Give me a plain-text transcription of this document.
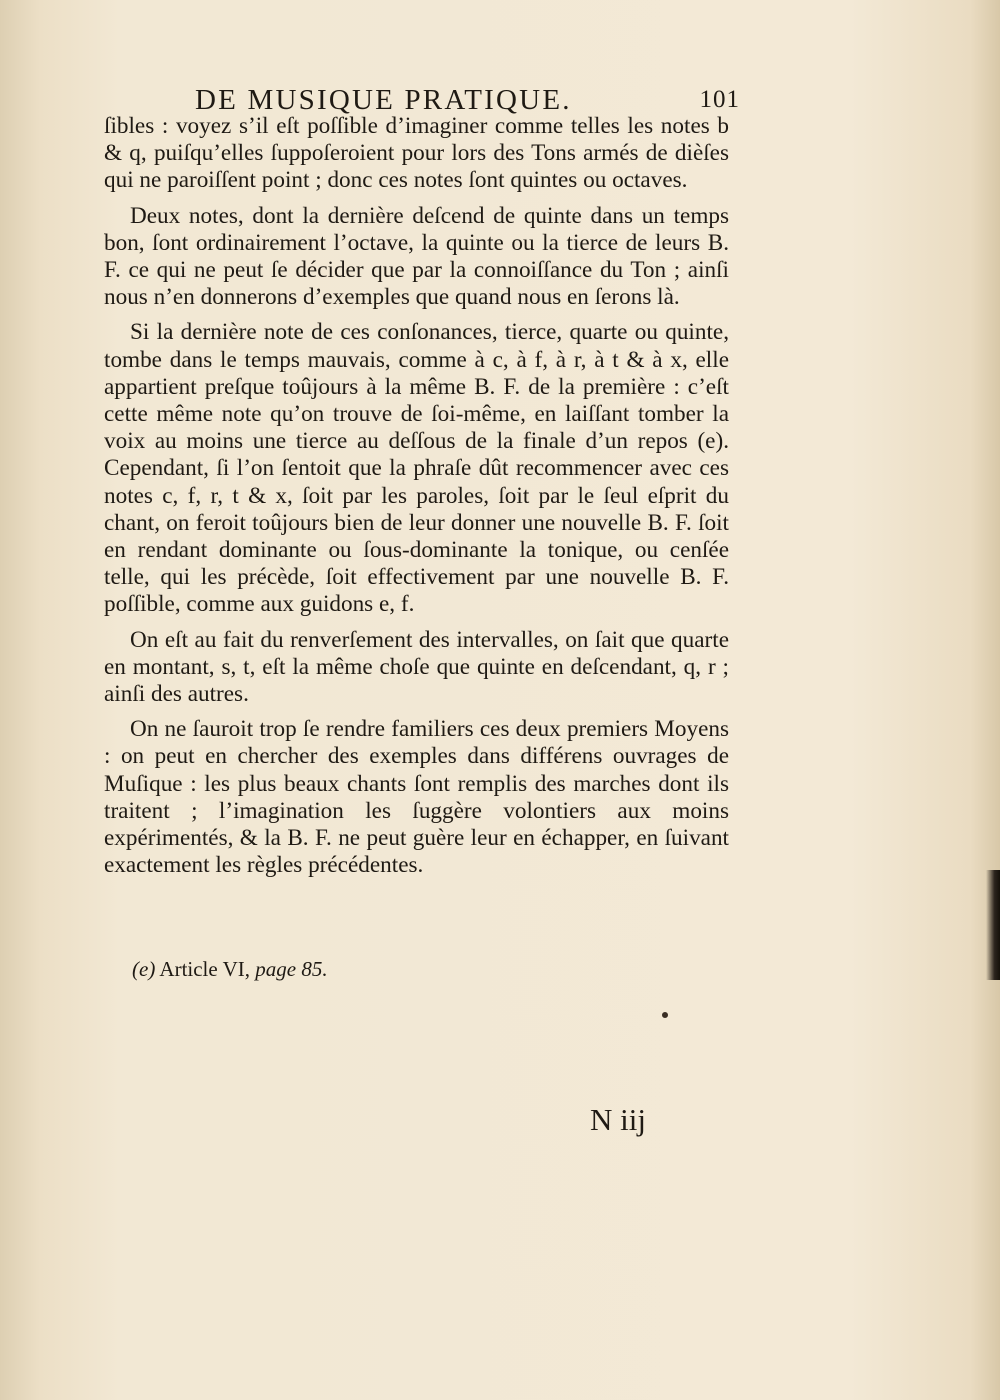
DE MUSIQUE PRATIQUE.	101

ſibles : voyez s’il eſt poſſible d’imaginer comme telles les notes b & q, puiſqu’elles ſuppoſeroient pour lors des Tons armés de dièſes qui ne paroiſſent point ; donc ces notes ſont quintes ou octaves.

Deux notes, dont la dernière deſcend de quinte dans un temps bon, ſont ordinairement l’octave, la quinte ou la tierce de leurs B. F. ce qui ne peut ſe décider que par la connoiſſance du Ton ; ainſi nous n’en donnerons d’exemples que quand nous en ſerons là.

Si la dernière note de ces conſonances, tierce, quarte ou quinte, tombe dans le temps mauvais, comme à c, à f, à r, à t & à x, elle appartient preſque toûjours à la même B. F. de la première : c’eſt cette même note qu’on trouve de ſoi-même, en laiſſant tomber la voix au moins une tierce au deſſous de la finale d’un repos (e). Cependant, ſi l’on ſentoit que la phraſe dût recommencer avec ces notes c, f, r, t & x, ſoit par les paroles, ſoit par le ſeul eſprit du chant, on feroit toûjours bien de leur donner une nouvelle B. F. ſoit en rendant dominante ou ſous-dominante la tonique, ou cenſée telle, qui les précède, ſoit effectivement par une nouvelle B. F. poſſible, comme aux guidons e, f.

On eſt au fait du renverſement des intervalles, on ſait que quarte en montant, s, t, eſt la même choſe que quinte en deſcendant, q, r ; ainſi des autres.

On ne ſauroit trop ſe rendre familiers ces deux premiers Moyens : on peut en chercher des exemples dans différens ouvrages de Muſique : les plus beaux chants ſont remplis des marches dont ils traitent ; l’imagination les ſuggère volontiers aux moins expérimentés, & la B. F. ne peut guère leur en échapper, en ſuivant exactement les règles précédentes.

(e) Article VI, page 85.
N iij
